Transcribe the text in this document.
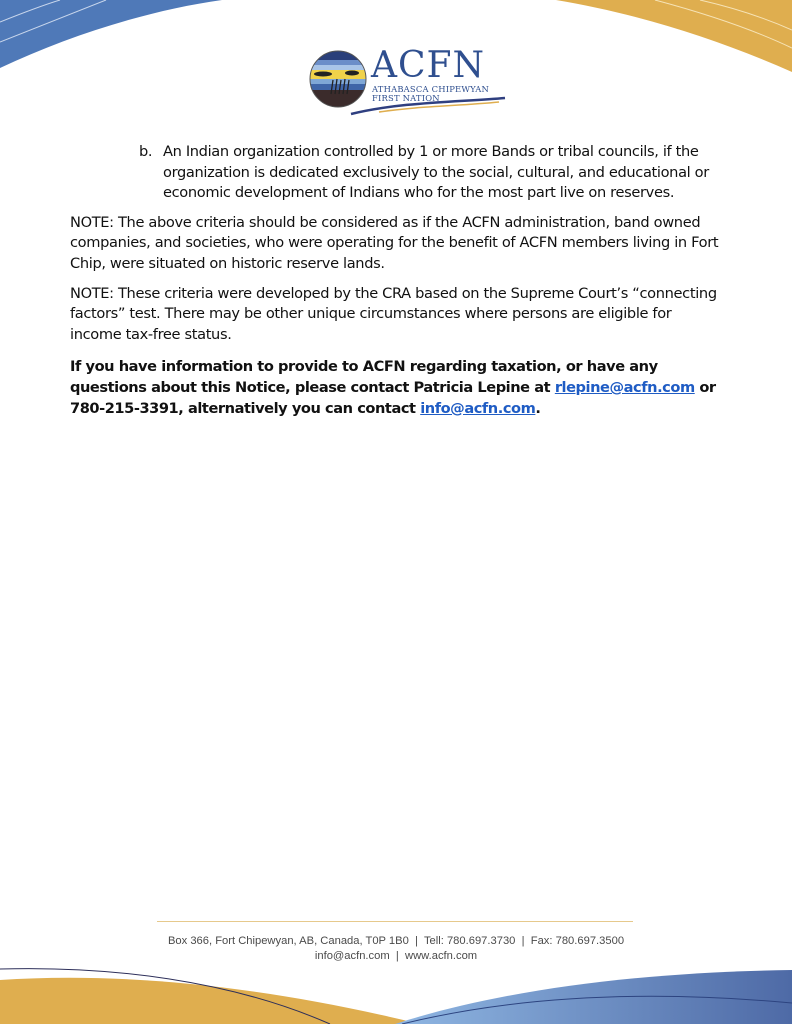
ACFN
ATHABASCA CHIPEWYAN
FIRST NATION
b. An Indian organization controlled by 1 or more Bands or tribal councils, if the organization is dedicated exclusively to the social, cultural, and educational or economic development of Indians who for the most part live on reserves.

NOTE: The above criteria should be considered as if the ACFN administration, band owned companies, and societies, who were operating for the benefit of ACFN members living in Fort Chip, were situated on historic reserve lands.

NOTE: These criteria were developed by the CRA based on the Supreme Court’s “connecting factors” test. There may be other unique circumstances where persons are eligible for income tax-free status.

If you have information to provide to ACFN regarding taxation, or have any questions about this Notice, please contact Patricia Lepine at rlepine@acfn.com or 780-215-3391, alternatively you can contact info@acfn.com.

Box 366, Fort Chipewyan, AB, Canada, T0P 1B0  |  Tell: 780.697.3730  |  Fax: 780.697.3500
info@acfn.com  |  www.acfn.com
